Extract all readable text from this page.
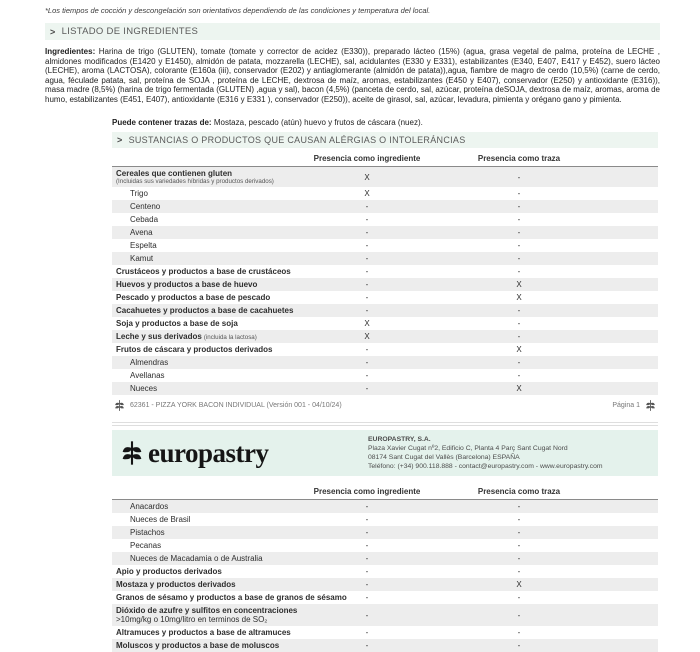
*Los tiempos de cocción y descongelación son orientativos dependiendo de las condiciones y temperatura del local.
> LISTADO DE INGREDIENTES
Ingredientes: Harina de trigo (GLUTEN), tomate (tomate y corrector de acidez (E330)), preparado lácteo (15%) (agua, grasa vegetal de palma, proteína de LECHE , almidones modificados (E1420 y E1450), almidón de patata, mozzarella (LECHE), sal, acidulantes (E330 y E331), estabilizantes (E340, E407, E417 y E452), suero lácteo (LECHE), aroma (LACTOSA), colorante (E160a (iii), conservador (E202) y antiaglomerante (almidón de patata)),agua, fiambre de magro de cerdo (10,5%) (carne de cerdo, agua, féculade patata, sal, proteína de SOJA , proteína de LECHE, dextrosa de maíz, aromas, estabilizantes (E450 y E407), conservador (E250) y antioxidante (E316)), masa madre (8,5%) (harina de trigo fermentada (GLUTEN) ,agua y sal), bacon (4,5%) (panceta de cerdo, sal, azúcar, proteína deSOJA, dextrosa de maíz, aromas, aroma de humo, estabilizantes (E451, E407), antioxidante (E316 y E331 ), conservador (E250)), aceite de girasol, sal, azúcar, levadura, pimienta y orégano gano y pimienta.
Puede contener trazas de: Mostaza, pescado (atún) huevo y frutos de cáscara (nuez).
> SUSTANCIAS O PRODUCTOS QUE CAUSAN ALÉRGIAS O INTOLERÁNCIAS
Presencia como ingrediente	Presencia como traza
Cereales que contienen gluten
(Incluidas sus variedades híbridas y productos derivados)	X	-
Trigo	X	-
Centeno	-	-
Cebada	-	-
Avena	-	-
Espelta	-	-
Kamut	-	-
Crustáceos y productos a base de crustáceos	-	-
Huevos y productos a base de huevo	-	X
Pescado y productos a base de pescado	-	X
Cacahuetes y productos a base de cacahuetes	-	-
Soja y productos a base de soja	X	-
Leche y sus derivados (incluida la lactosa)	X	-
Frutos de cáscara y productos derivados	-	X
Almendras	-	-
Avellanas	-	-
Nueces	-	X
62361 - PIZZA YORK BACON INDIVIDUAL (Versión 001 - 04/10/24)	Página 1
europastry	EUROPASTRY, S.A.
Plaza Xavier Cugat nº2, Edificio C, Planta 4 Parç Sant Cugat Nord
08174 Sant Cugat del Vallès (Barcelona) ESPAÑA
Teléfono: (+34) 900.118.888 - contact@europastry.com - www.europastry.com
Presencia como ingrediente	Presencia como traza
Anacardos	-	-
Nueces de Brasil	-	-
Pistachos	-	-
Pecanas	-	-
Nueces de Macadamia o de Australia	-	-
Apio y productos derivados	-	-
Mostaza y productos derivados	-	X
Granos de sésamo y productos a base de granos de sésamo	-	-
Dióxido de azufre y sulfitos en concentraciones
>10mg/kg o 10mg/litro en terminos de SO₂	-	-
Altramuces y productos a base de altramuces	-	-
Moluscos y productos a base de moluscos	-	-
